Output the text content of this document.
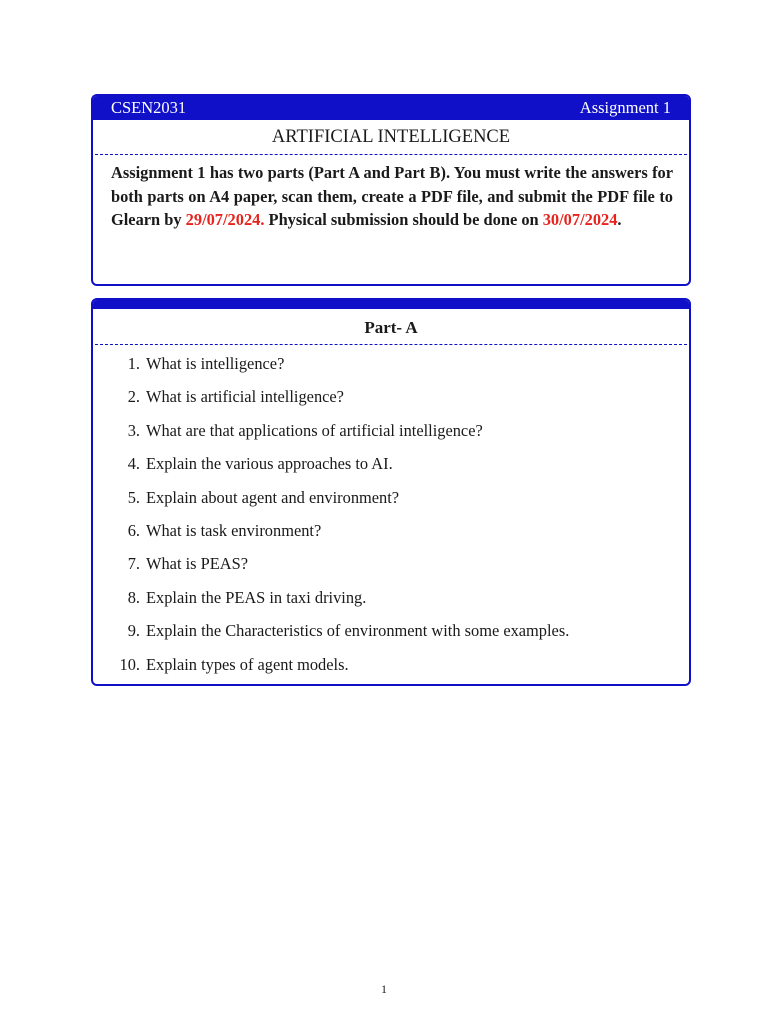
CSEN2031	Assignment 1
ARTIFICIAL INTELLIGENCE
Assignment 1 has two parts (Part A and Part B). You must write the answers for both parts on A4 paper, scan them, create a PDF file, and submit the PDF file to Glearn by 29/07/2024. Physical submission should be done on 30/07/2024.
Part- A
1. What is intelligence?
2. What is artificial intelligence?
3. What are that applications of artificial intelligence?
4. Explain the various approaches to AI.
5. Explain about agent and environment?
6. What is task environment?
7. What is PEAS?
8. Explain the PEAS in taxi driving.
9. Explain the Characteristics of environment with some examples.
10. Explain types of agent models.
1
